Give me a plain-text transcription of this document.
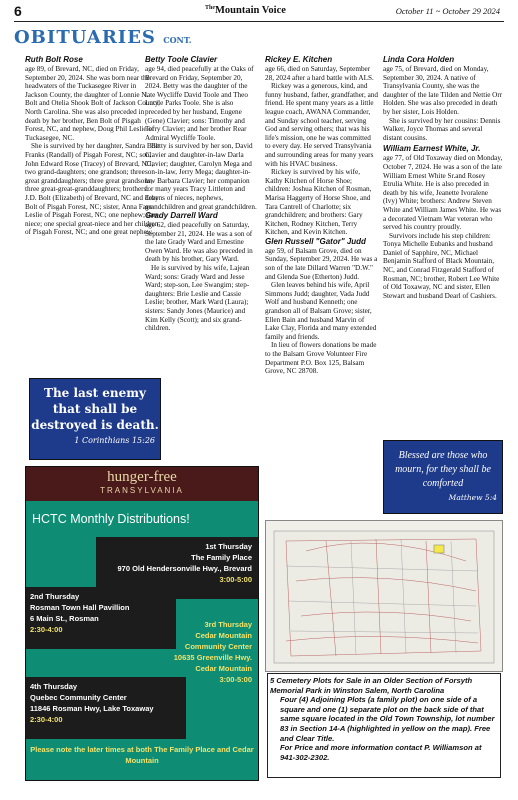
6	$^{The}$Mountain Voice	October 11 ~ October 29 2024
OBITUARIES CONT.
Ruth Bolt Rose

age 89, of Brevard, NC, died on Friday, September 20, 2024. She was born near the headwaters of the Tuckasegee River in Jackson County, the daughter of Lonnie N. Bolt and Otelia Shook Bolt of Jackson County, North Carolina. She was also preceded in death by her brother, Ben Bolt of Pisgah Forest, NC, and nephew, Doug Phil Leslie of Tuckasegee, NC.

She is survived by her daughter, Sandra Bolt Franks (Randall) of Pisgah Forest, NC; son, John Edward Rose (Tracey) of Brevard, NC; two grand-daughters; one grandson; three great granddaughters; three great grandsons; three great-great-granddaughters; brothers: J.D. Bolt (Elizabeth) of Brevard, NC and Erby Bolt of Pisgah Forest, NC; sister, Anna Faye Leslie of Pisgah Forest, NC; one nephew; one niece; one special great-niece and her children of Pisgah Forest, NC; and one great nephew.

The last enemy that shall be destroyed is death.
1 Corinthians 15:26
Betty Toole Clavier

age 94, died peacefully at the Oaks of Brevard on Friday, September 20, 2024. Betty was the daughter of the late Wycliffe David Toole and Theo Lucile Parks Toole. She is also preceded by her husband, Eugene (Gene) Clavier; sons: Timothy and Terry Clavier; and her brother Rear Admiral Wycliffe Toole.

Betty is survived by her son, David Clavier and daughter-in-law Darla Clavier; daughter, Carolyn Mega and son-in-law, Jerry Mega; daughter-in-law Barbara Clavier; her companion for many years Tracy Littleton and dozens of nieces, nephews, grandchildren and great grandchildren.

Grady Darrell Ward

age 62, died peacefully on Saturday, September 21, 2024. He was a son of the late Grady Ward and Ernestine Owen Ward. He was also preceded in death by his brother, Gary Ward.

He is survived by his wife, Lajean Ward; sons: Grady Ward and Jesse Ward; step-son, Lee Swangim; step-daughters: Brie Leslie and Cassie Leslie; brother, Mark Ward (Laura); sisters: Sandy Jones (Maurice) and Kim Kelly (Scott); and six grand-children.

Rickey E. Kitchen

age 66, died on Saturday, September 28, 2024 after a hard battle with ALS.

Rickey was a generous, kind, and funny husband, father, grandfather, and friend. He spent many years as a little league coach, AWANA Commander, and Sunday school teacher, serving God and serving others; that was his life's mission, one he was committed to every day. He served Transylvania and surrounding areas for many years with his HVAC business.

Rickey is survived by his wife, Kathy Kitchen of Horse Shoe; children: Joshua Kitchen of Rosman, Marisa Haggerty of Horse Shoe, and Tara Cantrell of Charlotte; six grandchildren; and brothers: Gary Kitchen, Rodney Kitchen, Terry Kitchen, and Kevin Kitchen.

Glen Russell "Gator" Judd

age 59, of Balsam Grove, died on Sunday, September 29, 2024. He was a son of the late Dillard Warren "D.W." and Glenda Sue (Etherton) Judd.

Glen leaves behind his wife, April Simmons Judd; daughter, Vada Judd Wolf and husband Kenneth; one grandson all of Balsam Grove; sister, Ellen Bain and husband Marvin of Lake Clay, Florida and many extended family and friends.

In lieu of flowers donations be made to the Balsam Grove Volunteer Fire Department P.O. Box 125, Balsam Grove, NC 28708.

Linda Cora Holden

age 75, of Brevard, died on Monday, September 30, 2024. A native of Transylvania County, she was the daughter of the late Tilden and Nettie Orr Holden. She was also preceded in death by her sister, Lois Holden.

She is survived by her cousins: Dennis Walker, Joyce Thomas and several distant cousins.

William Earnest White, Jr.

age 77, of Old Toxaway died on Monday, October 7, 2024. He was a son of the late William Ernest White Sr.and Rosey Etrulia White. He is also preceded in death by his wife, Jeanette Ivoralene (Ivy) White; brothers: Andrew Steven White and William James White. He was a decorated Vietnam War veteran who served his country proudly.

Survivors include his step children: Tonya Michelle Eubanks and husband Daniel of Sapphire, NC, Michael Benjamin Stafford of Black Mountain, NC, and Conrad Fitzgerald Stafford of Rosman, NC; brother, Robert Lee White of Old Toxaway, NC and sister, Ellen Stewart and husband Dearl of Cashiers.

Blessed are those who mourn, for they shall be comforted
Matthew 5:4
hunger-free
TRANSYLVANIA
HCTC Monthly Distributions!
1st Thursday
The Family Place
970 Old Hendersonville Hwy., Brevard
3:00-5:00
2nd Thursday
Rosman Town Hall Pavillion
6 Main St., Rosman
2:30-4:00
3rd Thursday
Cedar Mountain
Community Center
10635 Greenville Hwy.
Cedar Mountain
3:00-5:00
4th Thursday
Quebec Community Center
11846 Rosman Hwy, Lake Toxaway
2:30-4:00
Please note the later times at both The Family Place and Cedar Mountain
5 Cemetery Plots for Sale in an Older Section of Forsyth Memorial Park in Winston Salem, North Carolina
Four (4) Adjoining Plots (a family plot) on one side of a square and one (1) separate plot on the back side of that same square located in the Old Town Township, lot number 83 in Section 14-A (highlighted in yellow on the map). Free and Clear Title.
For Price and more information contact P. Williamson at 941-302-2302.
